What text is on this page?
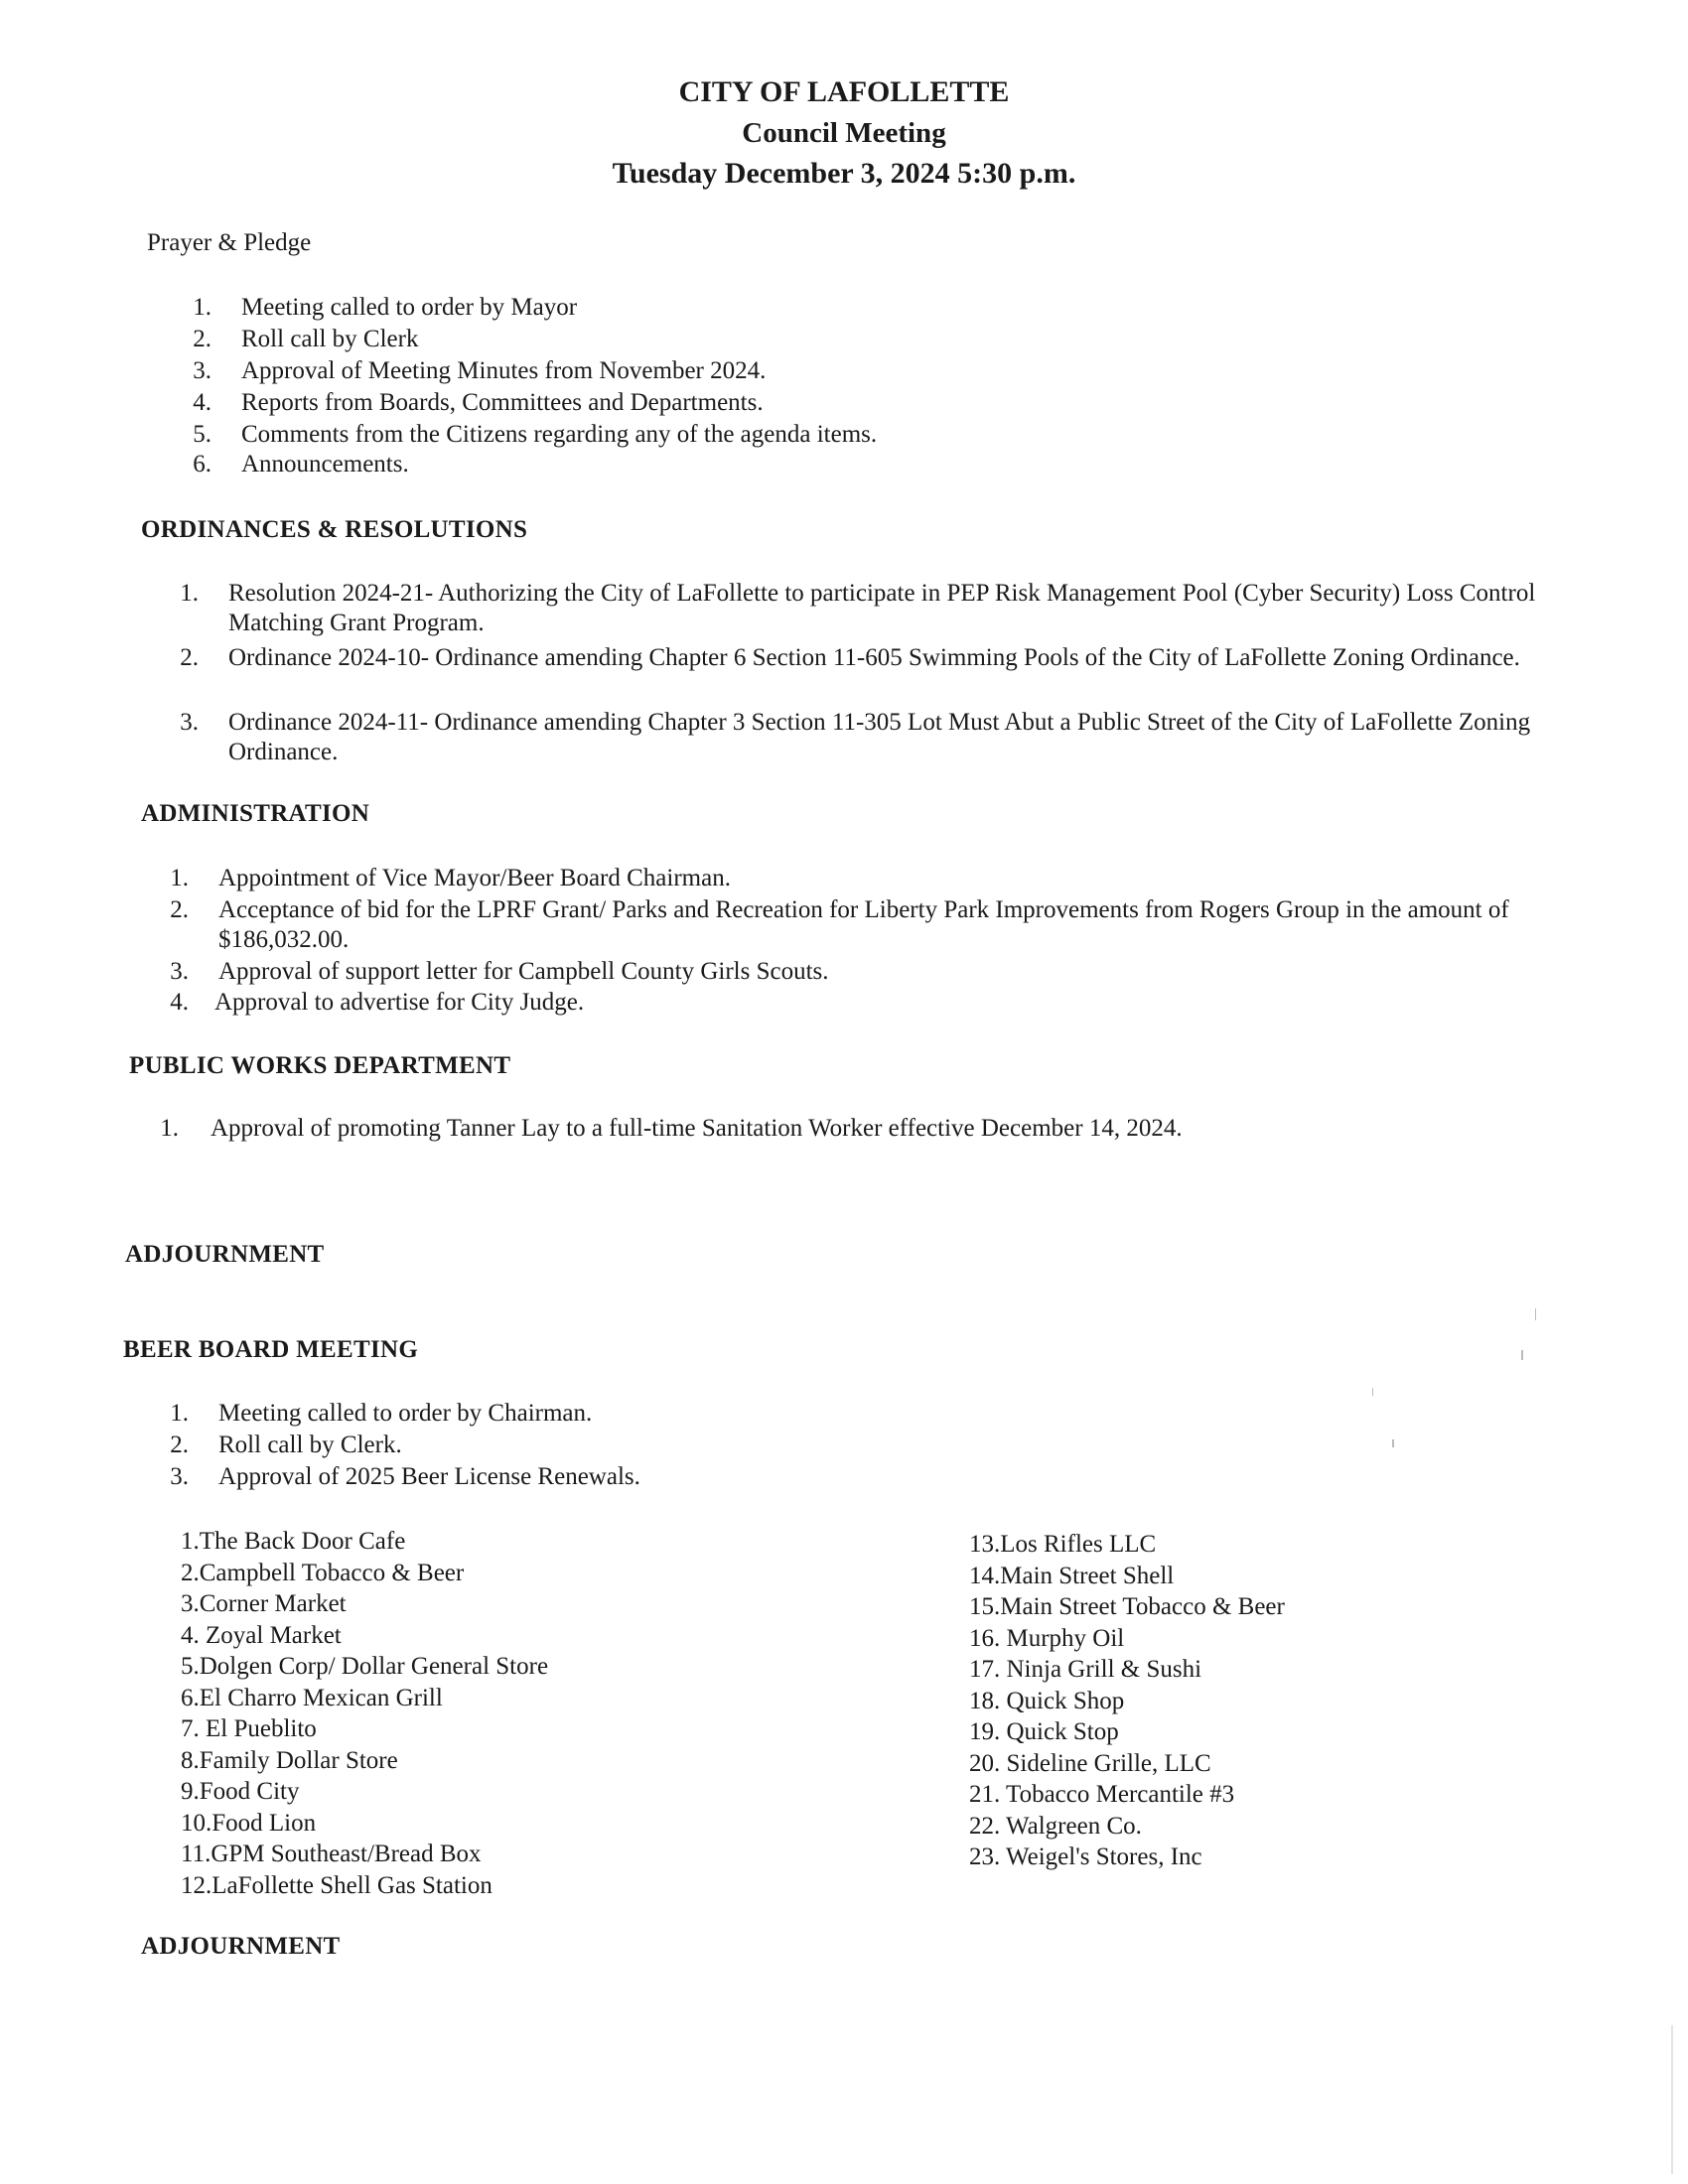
CITY OF LAFOLLETTE
Council Meeting
Tuesday December 3, 2024 5:30 p.m.
Prayer & Pledge
1. Meeting called to order by Mayor
2. Roll call by Clerk
3. Approval of Meeting Minutes from November 2024.
4. Reports from Boards, Committees and Departments.
5. Comments from the Citizens regarding any of the agenda items.
6. Announcements.
ORDINANCES & RESOLUTIONS
1. Resolution 2024-21- Authorizing the City of LaFollette to participate in PEP Risk Management Pool (Cyber Security) Loss Control Matching Grant Program.
2. Ordinance 2024-10- Ordinance amending Chapter 6 Section 11-605 Swimming Pools of the City of LaFollette Zoning Ordinance.
3. Ordinance 2024-11- Ordinance amending Chapter 3 Section 11-305 Lot Must Abut a Public Street of the City of LaFollette Zoning Ordinance.
ADMINISTRATION
1. Appointment of Vice Mayor/Beer Board Chairman.
2. Acceptance of bid for the LPRF Grant/ Parks and Recreation for Liberty Park Improvements from Rogers Group in the amount of $186,032.00.
3. Approval of support letter for Campbell County Girls Scouts.
4. Approval to advertise for City Judge.
PUBLIC WORKS DEPARTMENT
1. Approval of promoting Tanner Lay to a full-time Sanitation Worker effective December 14, 2024.
ADJOURNMENT
BEER BOARD MEETING
1. Meeting called to order by Chairman.
2. Roll call by Clerk.
3. Approval of 2025 Beer License Renewals.
1.The Back Door Cafe
2.Campbell Tobacco & Beer
3.Corner Market
4. Zoyal Market
5.Dolgen Corp/ Dollar General Store
6.El Charro Mexican Grill
7. El Pueblito
8.Family Dollar Store
9.Food City
10.Food Lion
11.GPM Southeast/Bread Box
12.LaFollette Shell Gas Station
13.Los Rifles LLC
14.Main Street Shell
15.Main Street Tobacco & Beer
16. Murphy Oil
17. Ninja Grill & Sushi
18. Quick Shop
19. Quick Stop
20. Sideline Grille, LLC
21. Tobacco Mercantile #3
22. Walgreen Co.
23. Weigel's Stores, Inc
ADJOURNMENT
